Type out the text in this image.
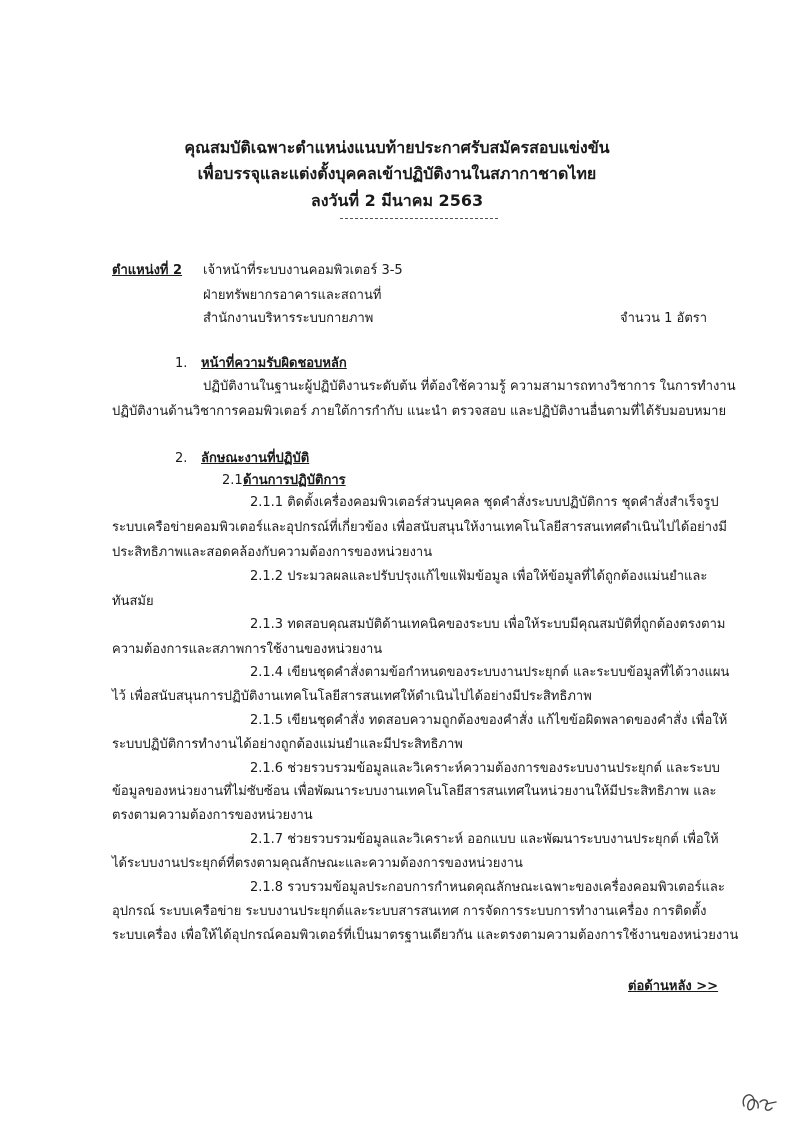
คุณสมบัติเฉพาะตำแหน่งแนบท้ายประกาศรับสมัครสอบแข่งขัน
เพื่อบรรจุและแต่งตั้งบุคคลเข้าปฏิบัติงานในสภากาชาดไทย
ลงวันที่ 2 มีนาคม 2563
ตำแหน่งที่ 2 เจ้าหน้าที่ระบบงานคอมพิวเตอร์ 3-5
ฝ่ายทรัพยากรอาคารและสถานที่
สำนักงานบริหารระบบกายภาพ	จำนวน 1 อัตรา
1. หน้าที่ความรับผิดชอบหลัก
ปฏิบัติงานในฐานะผู้ปฏิบัติงานระดับต้น ที่ต้องใช้ความรู้ ความสามารถทางวิชาการ ในการทำงาน
ปฏิบัติงานด้านวิชาการคอมพิวเตอร์ ภายใต้การกำกับ แนะนำ ตรวจสอบ และปฏิบัติงานอื่นตามที่ได้รับมอบหมาย
2. ลักษณะงานที่ปฏิบัติ
2.1 ด้านการปฏิบัติการ
2.1.1 ติดตั้งเครื่องคอมพิวเตอร์ส่วนบุคคล ชุดคำสั่งระบบปฏิบัติการ ชุดคำสั่งสำเร็จรูป
ระบบเครือข่ายคอมพิวเตอร์และอุปกรณ์ที่เกี่ยวข้อง เพื่อสนับสนุนให้งานเทคโนโลยีสารสนเทศดำเนินไปได้อย่างมี
ประสิทธิภาพและสอดคล้องกับความต้องการของหน่วยงาน
2.1.2 ประมวลผลและปรับปรุงแก้ไขแฟ้มข้อมูล เพื่อให้ข้อมูลที่ได้ถูกต้องแม่นยำและ
ทันสมัย
2.1.3 ทดสอบคุณสมบัติด้านเทคนิคของระบบ เพื่อให้ระบบมีคุณสมบัติที่ถูกต้องตรงตาม
ความต้องการและสภาพการใช้งานของหน่วยงาน
2.1.4 เขียนชุดคำสั่งตามข้อกำหนดของระบบงานประยุกต์ และระบบข้อมูลที่ได้วางแผน
ไว้ เพื่อสนับสนุนการปฏิบัติงานเทคโนโลยีสารสนเทศให้ดำเนินไปได้อย่างมีประสิทธิภาพ
2.1.5 เขียนชุดคำสั่ง ทดสอบความถูกต้องของคำสั่ง แก้ไขข้อผิดพลาดของคำสั่ง เพื่อให้
ระบบปฏิบัติการทำงานได้อย่างถูกต้องแม่นยำและมีประสิทธิภาพ
2.1.6 ช่วยรวบรวมข้อมูลและวิเคราะห์ความต้องการของระบบงานประยุกต์ และระบบ
ข้อมูลของหน่วยงานที่ไม่ซับซ้อน เพื่อพัฒนาระบบงานเทคโนโลยีสารสนเทศในหน่วยงานให้มีประสิทธิภาพ และ
ตรงตามความต้องการของหน่วยงาน
2.1.7 ช่วยรวบรวมข้อมูลและวิเคราะห์ ออกแบบ และพัฒนาระบบงานประยุกต์ เพื่อให้
ได้ระบบงานประยุกต์ที่ตรงตามคุณลักษณะและความต้องการของหน่วยงาน
2.1.8 รวบรวมข้อมูลประกอบการกำหนดคุณลักษณะเฉพาะของเครื่องคอมพิวเตอร์และ
อุปกรณ์ ระบบเครือข่าย ระบบงานประยุกต์และระบบสารสนเทศ การจัดการระบบการทำงานเครื่อง การติดตั้ง
ระบบเครื่อง เพื่อให้ได้อุปกรณ์คอมพิวเตอร์ที่เป็นมาตรฐานเดียวกัน และตรงตามความต้องการใช้งานของหน่วยงาน
ต่อด้านหลัง >>
